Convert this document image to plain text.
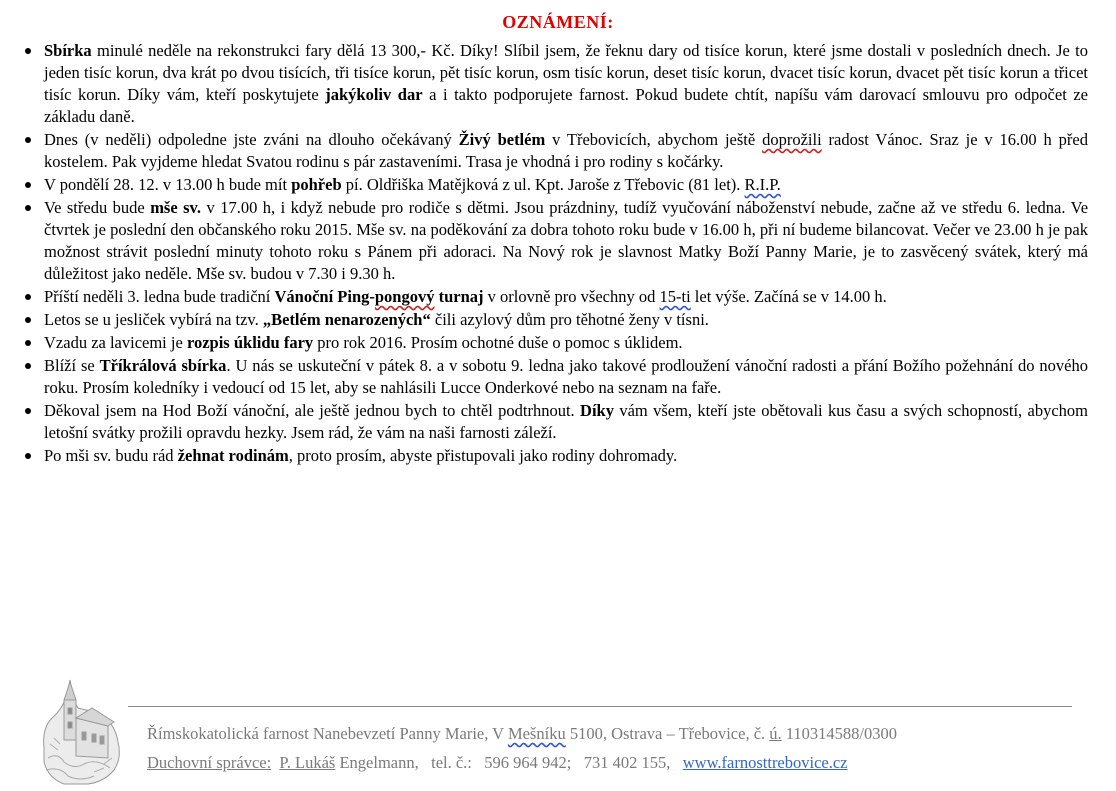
OZNÁMENÍ:
Sbírka minulé neděle na rekonstrukci fary dělá 13 300,- Kč. Díky! Slíbil jsem, že řeknu dary od tisíce korun, které jsme dostali v posledních dnech. Je to jeden tisíc korun, dva krát po dvou tisících, tři tisíce korun, pět tisíc korun, osm tisíc korun, deset tisíc korun, dvacet tisíc korun, dvacet pět tisíc korun a třicet tisíc korun. Díky vám, kteří poskytujete jakýkoliv dar a i takto podporujete farnost. Pokud budete chtít, napíšu vám darovací smlouvu pro odpočet ze základu daně.
Dnes (v neděli) odpoledne jste zváni na dlouho očekávaný Živý betlém v Třebovicích, abychom ještě doprožili radost Vánoc. Sraz je v 16.00 h před kostelem. Pak vyjdeme hledat Svatou rodinu s pár zastaveními. Trasa je vhodná i pro rodiny s kočárky.
V pondělí 28. 12. v 13.00 h bude mít pohřeb pí. Oldřiška Matějková z ul. Kpt. Jaroše z Třebovic (81 let). R.I.P.
Ve středu bude mše sv. v 17.00 h, i když nebude pro rodiče s dětmi. Jsou prázdniny, tudíž vyučování náboženství nebude, začne až ve středu 6. ledna. Ve čtvrtek je poslední den občanského roku 2015. Mše sv. na poděkování za dobra tohoto roku bude v 16.00 h, při ní budeme bilancovat. Večer ve 23.00 h je pak možnost strávit poslední minuty tohoto roku s Pánem při adoraci. Na Nový rok je slavnost Matky Boží Panny Marie, je to zasvěcený svátek, který má důležitost jako neděle. Mše sv. budou v 7.30 i 9.30 h.
Příští neděli 3. ledna bude tradiční Vánoční Ping-pongový turnaj v orlovně pro všechny od 15-ti let výše. Začíná se v 14.00 h.
Letos se u jesliček vybírá na tzv. „Betlém nenarozených“ čili azylový dům pro těhotné ženy v tísni.
Vzadu za lavicemi je rozpis úklidu fary pro rok 2016. Prosím ochotné duše o pomoc s úklidem.
Blíží se Tříkrálová sbírka. U nás se uskuteční v pátek 8. a v sobotu 9. ledna jako takové prodloužení vánoční radosti a přání Božího požehnání do nového roku. Prosím koledníky i vedoucí od 15 let, aby se nahlásili Lucce Onderkové nebo na seznam na faře.
Děkoval jsem na Hod Boží vánoční, ale ještě jednou bych to chtěl podtrhnout. Díky vám všem, kteří jste obětovali kus času a svých schopností, abychom letošní svátky prožili opravdu hezky. Jsem rád, že vám na naši farnosti záleží.
Po mši sv. budu rád žehnat rodinám, proto prosím, abyste přistupovali jako rodiny dohromady.
Římskokatolická farnost Nanebevzetí Panny Marie, V Mešníku 5100, Ostrava – Třebovice, č. ú. 110314588/0300
Duchovní správce: P. Lukáš Engelmann,   tel. č.:   596 964 942;   731 402 155,   www.farnosttrebovice.cz
